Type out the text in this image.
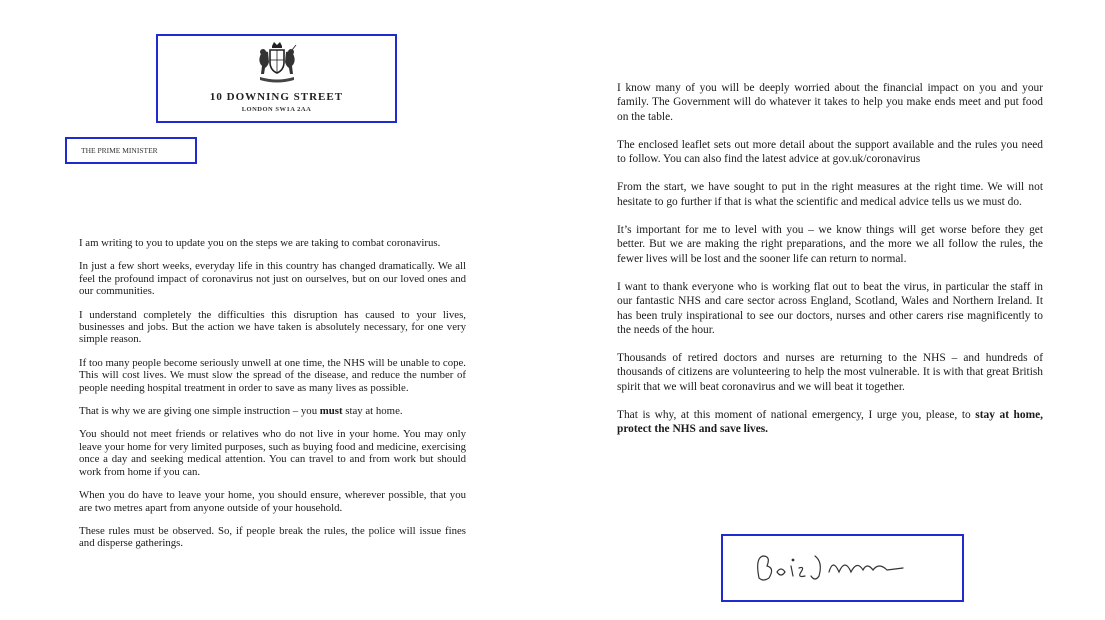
10 DOWNING STREET
LONDON SW1A 2AA
THE PRIME MINISTER

I am writing to you to update you on the steps we are taking to combat coronavirus.

In just a few short weeks, everyday life in this country has changed dramatically. We all feel the profound impact of coronavirus not just on ourselves, but on our loved ones and our communities.

I understand completely the difficulties this disruption has caused to your lives, businesses and jobs. But the action we have taken is absolutely necessary, for one very simple reason.

If too many people become seriously unwell at one time, the NHS will be unable to cope. This will cost lives. We must slow the spread of the disease, and reduce the number of people needing hospital treatment in order to save as many lives as possible.

That is why we are giving one simple instruction – you must stay at home.

You should not meet friends or relatives who do not live in your home. You may only leave your home for very limited purposes, such as buying food and medicine, exercising once a day and seeking medical attention. You can travel to and from work but should work from home if you can.

When you do have to leave your home, you should ensure, wherever possible, that you are two metres apart from anyone outside of your household.

These rules must be observed. So, if people break the rules, the police will issue fines and disperse gatherings.

I know many of you will be deeply worried about the financial impact on you and your family. The Government will do whatever it takes to help you make ends meet and put food on the table.

The enclosed leaflet sets out more detail about the support available and the rules you need to follow. You can also find the latest advice at gov.uk/coronavirus

From the start, we have sought to put in the right measures at the right time. We will not hesitate to go further if that is what the scientific and medical advice tells us we must do.

It’s important for me to level with you – we know things will get worse before they get better. But we are making the right preparations, and the more we all follow the rules, the fewer lives will be lost and the sooner life can return to normal.

I want to thank everyone who is working flat out to beat the virus, in particular the staff in our fantastic NHS and care sector across England, Scotland, Wales and Northern Ireland. It has been truly inspirational to see our doctors, nurses and other carers rise magnificently to the needs of the hour.

Thousands of retired doctors and nurses are returning to the NHS – and hundreds of thousands of citizens are volunteering to help the most vulnerable. It is with that great British spirit that we will beat coronavirus and we will beat it together.

That is why, at this moment of national emergency, I urge you, please, to stay at home, protect the NHS and save lives.
